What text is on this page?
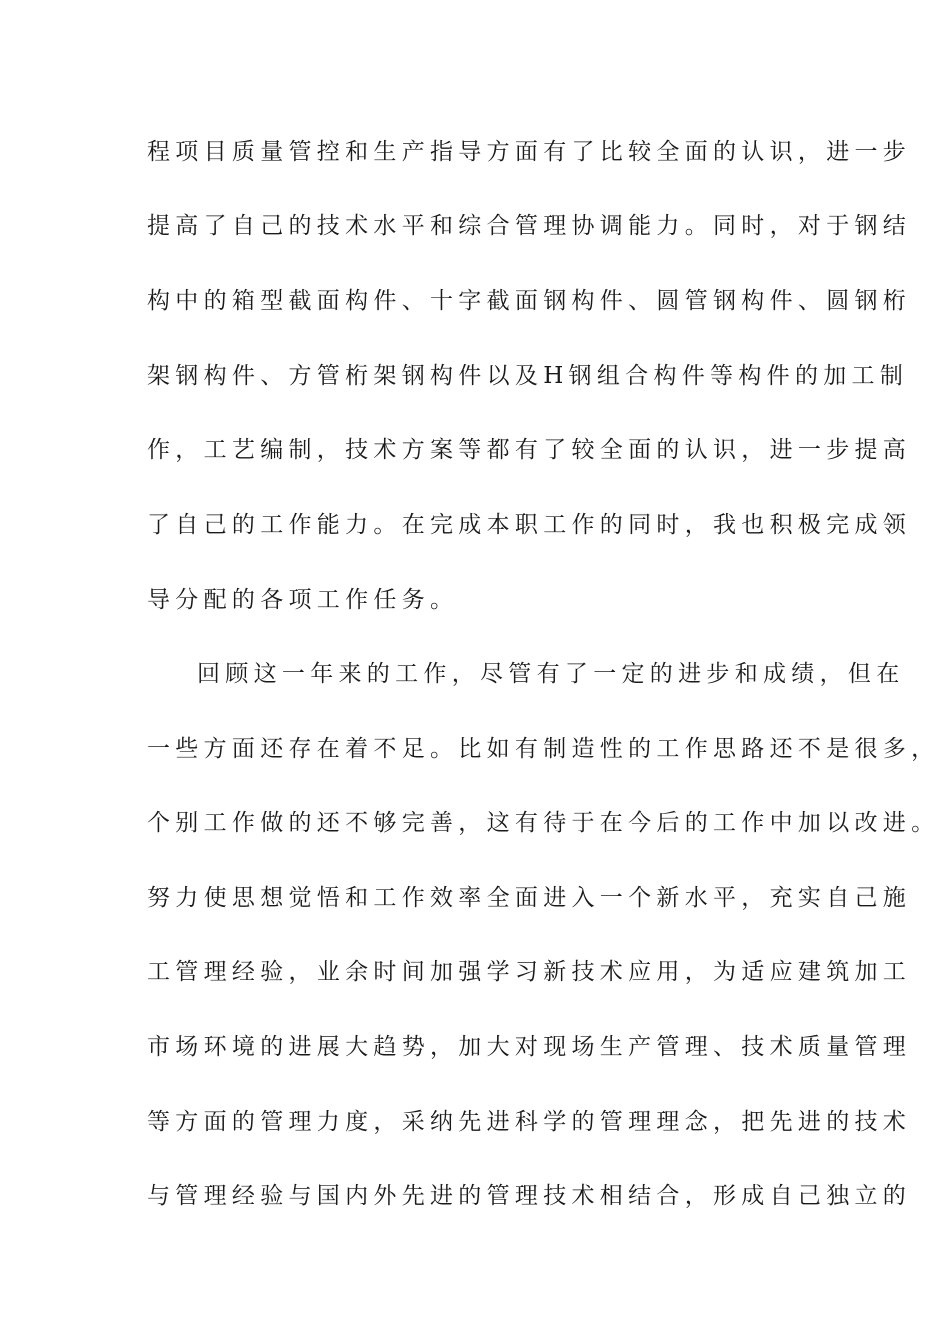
程项目质量管控和生产指导方面有了比较全面的认识，进一步
提高了自己的技术水平和综合管理协调能力。同时，对于钢结
构中的箱型截面构件、十字截面钢构件、圆管钢构件、圆钢桁
架钢构件、方管桁架钢构件以及H钢组合构件等构件的加工制
作，工艺编制，技术方案等都有了较全面的认识，进一步提高
了自己的工作能力。在完成本职工作的同时，我也积极完成领
导分配的各项工作任务。
回顾这一年来的工作，尽管有了一定的进步和成绩，但在
一些方面还存在着不足。比如有制造性的工作思路还不是很多，
个别工作做的还不够完善，这有待于在今后的工作中加以改进。
努力使思想觉悟和工作效率全面进入一个新水平，充实自己施
工管理经验，业余时间加强学习新技术应用，为适应建筑加工
市场环境的进展大趋势，加大对现场生产管理、技术质量管理
等方面的管理力度，采纳先进科学的管理理念，把先进的技术
与管理经验与国内外先进的管理技术相结合，形成自己独立的
